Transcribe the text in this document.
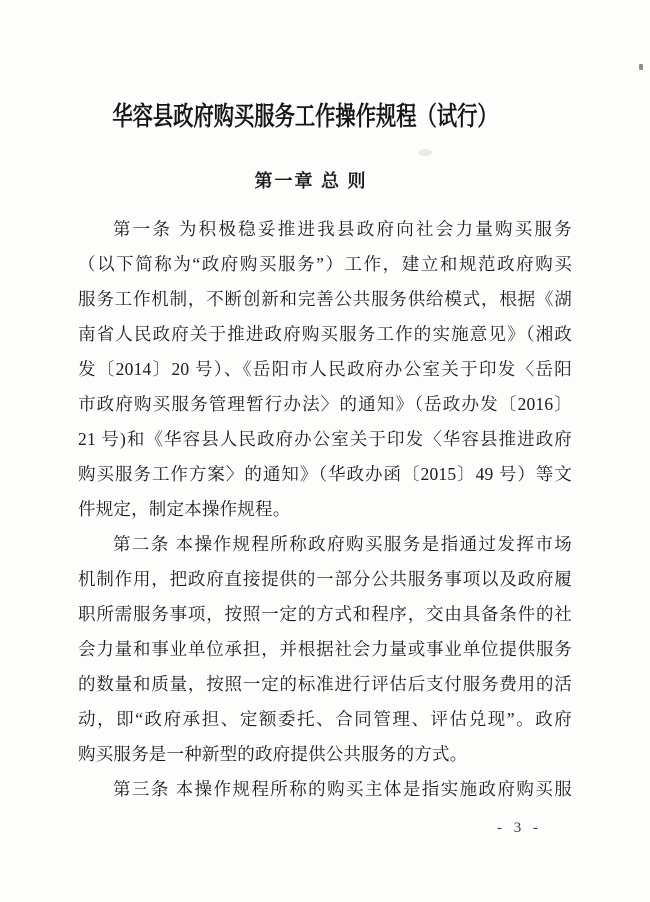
华容县政府购买服务工作操作规程（试行）
第一章 总 则
第一条 为积极稳妥推进我县政府向社会力量购买服务
（以下简称为“政府购买服务”）工作，建立和规范政府购买
服务工作机制，不断创新和完善公共服务供给模式，根据《湖
南省人民政府关于推进政府购买服务工作的实施意见》（湘政
发〔2014〕20 号）、《岳阳市人民政府办公室关于印发〈岳阳
市政府购买服务管理暂行办法〉的通知》（岳政办发〔2016〕
21 号)和《华容县人民政府办公室关于印发〈华容县推进政府
购买服务工作方案〉的通知》（华政办函〔2015〕49 号）等文
件规定，制定本操作规程。
第二条 本操作规程所称政府购买服务是指通过发挥市场
机制作用，把政府直接提供的一部分公共服务事项以及政府履
职所需服务事项，按照一定的方式和程序，交由具备条件的社
会力量和事业单位承担，并根据社会力量或事业单位提供服务
的数量和质量，按照一定的标准进行评估后支付服务费用的活
动，即“政府承担、定额委托、合同管理、评估兑现”。政府
购买服务是一种新型的政府提供公共服务的方式。
第三条 本操作规程所称的购买主体是指实施政府购买服
- 3 -
